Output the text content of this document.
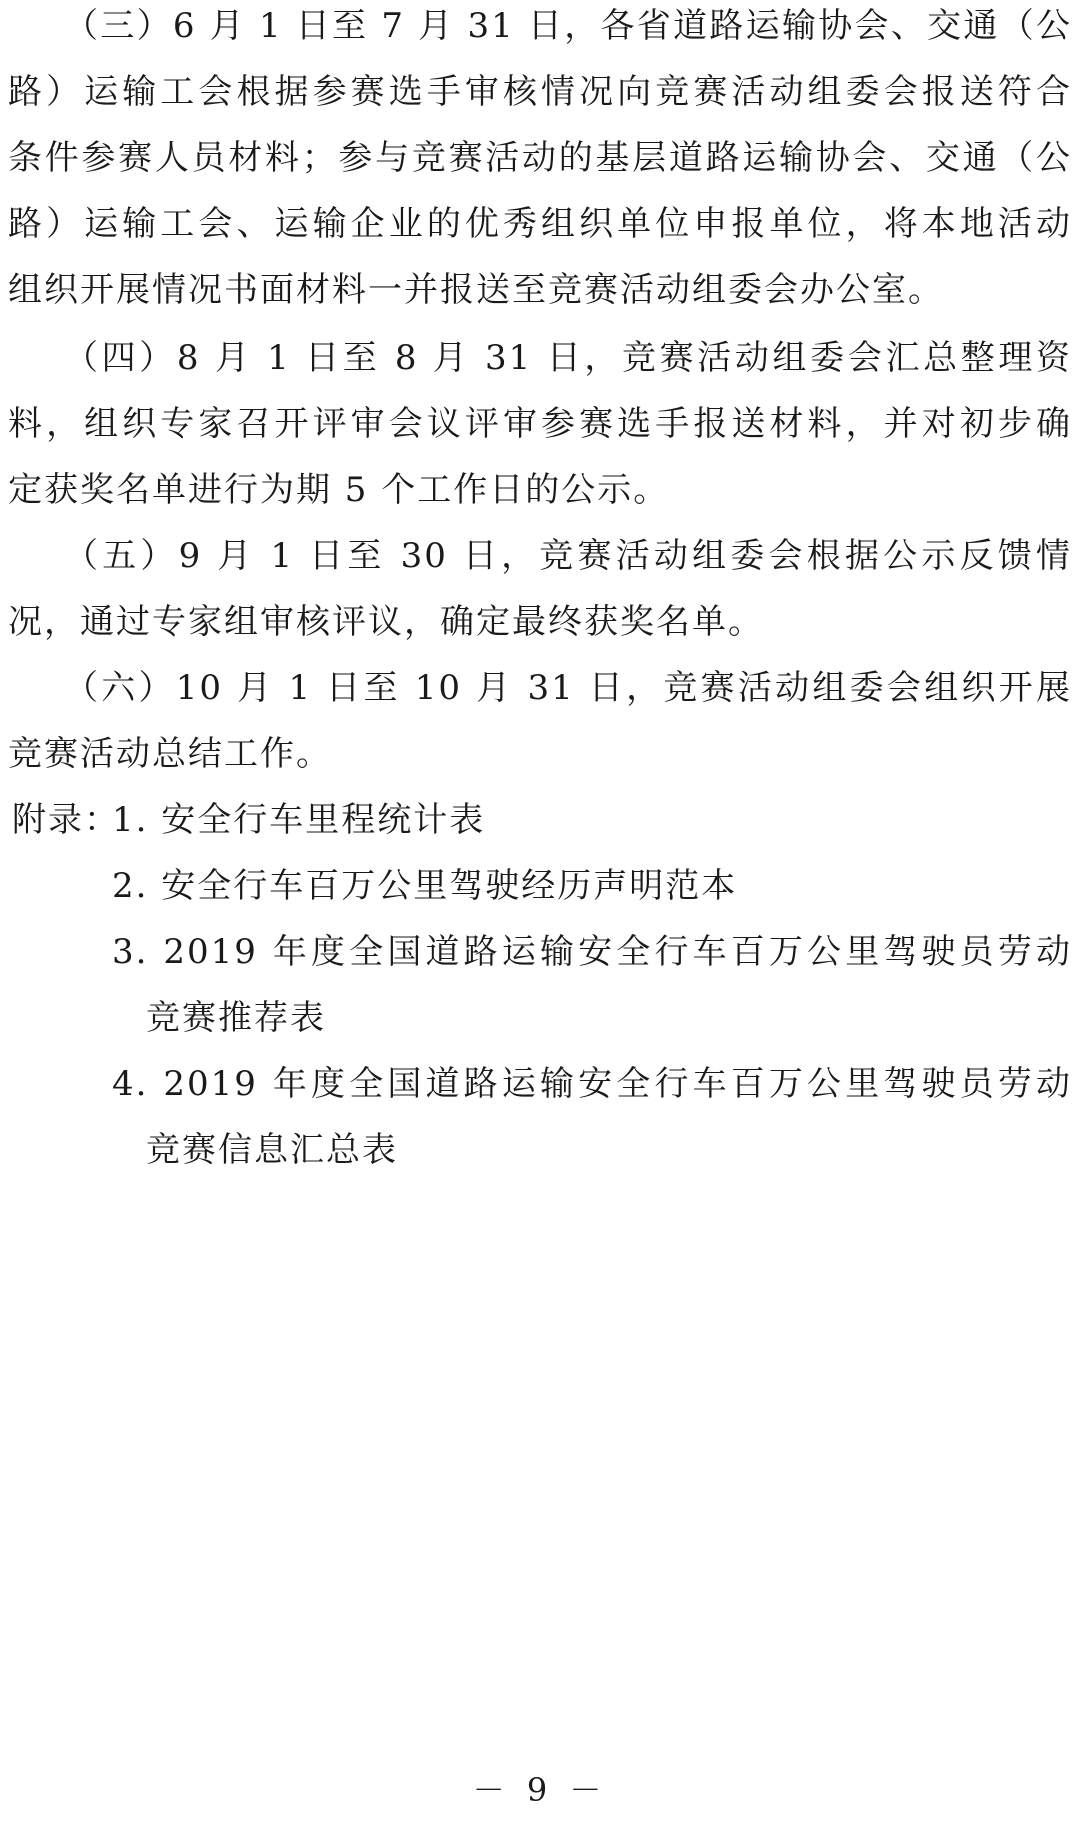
（三）6 月 1 日至 7 月 31 日，各省道路运输协会、交通（公
路）运输工会根据参赛选手审核情况向竞赛活动组委会报送符合
条件参赛人员材料；参与竞赛活动的基层道路运输协会、交通（公
路）运输工会、运输企业的优秀组织单位申报单位，将本地活动
组织开展情况书面材料一并报送至竞赛活动组委会办公室。
（四）8 月 1 日至 8 月 31 日，竞赛活动组委会汇总整理资
料，组织专家召开评审会议评审参赛选手报送材料，并对初步确
定获奖名单进行为期 5 个工作日的公示。
（五）9 月 1 日至 30 日，竞赛活动组委会根据公示反馈情
况，通过专家组审核评议，确定最终获奖名单。
（六）10 月 1 日至 10 月 31 日，竞赛活动组委会组织开展
竞赛活动总结工作。
附录：
1. 安全行车里程统计表
2. 安全行车百万公里驾驶经历声明范本
3. 2019 年度全国道路运输安全行车百万公里驾驶员劳动
竞赛推荐表
4. 2019 年度全国道路运输安全行车百万公里驾驶员劳动
竞赛信息汇总表
－ 9 －
